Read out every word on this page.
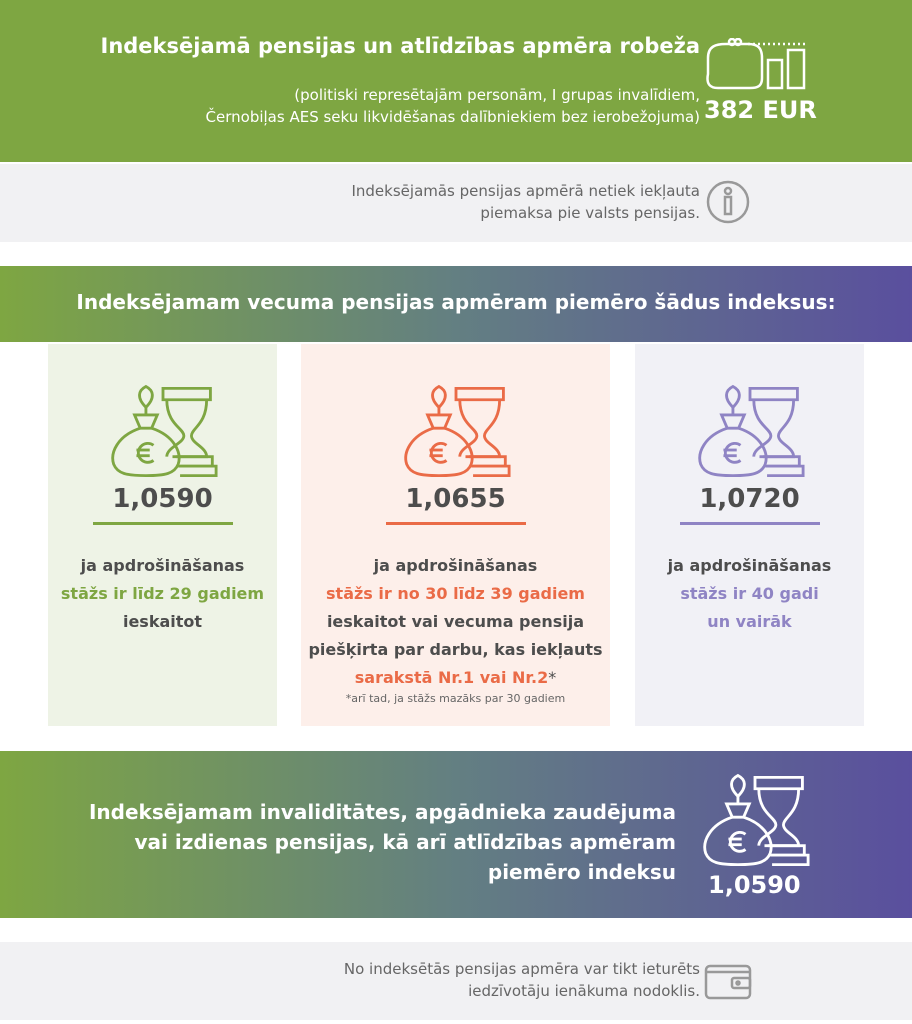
Indeksējamā pensijas un atlīdzības apmēra robeža
(politiski represētajām personām, I grupas invalīdiem,
Černobiļas AES seku likvidēšanas dalībniekiem bez ierobežojuma) 382 EUR
Indeksējamās pensijas apmērā netiek iekļauta
piemaksa pie valsts pensijas.
Indeksējamam vecuma pensijas apmēram piemēro šādus indeksus:
1,0590
ja apdrošināšanas
stāžs ir līdz 29 gadiem
ieskaitot
1,0655
ja apdrošināšanas
stāžs ir no 30 līdz 39 gadiem
ieskaitot vai vecuma pensija
piešķirta par darbu, kas iekļauts
sarakstā Nr.1 vai Nr.2*
*arī tad, ja stāžs mazāks par 30 gadiem
1,0720
ja apdrošināšanas
stāžs ir 40 gadi
un vairāk
Indeksējamam invaliditātes, apgādnieka zaudējuma
vai izdienas pensijas, kā arī atlīdzības apmēram
piemēro indeksu 1,0590
No indeksētās pensijas apmēra var tikt ieturēts
iedzīvotāju ienākuma nodoklis.
